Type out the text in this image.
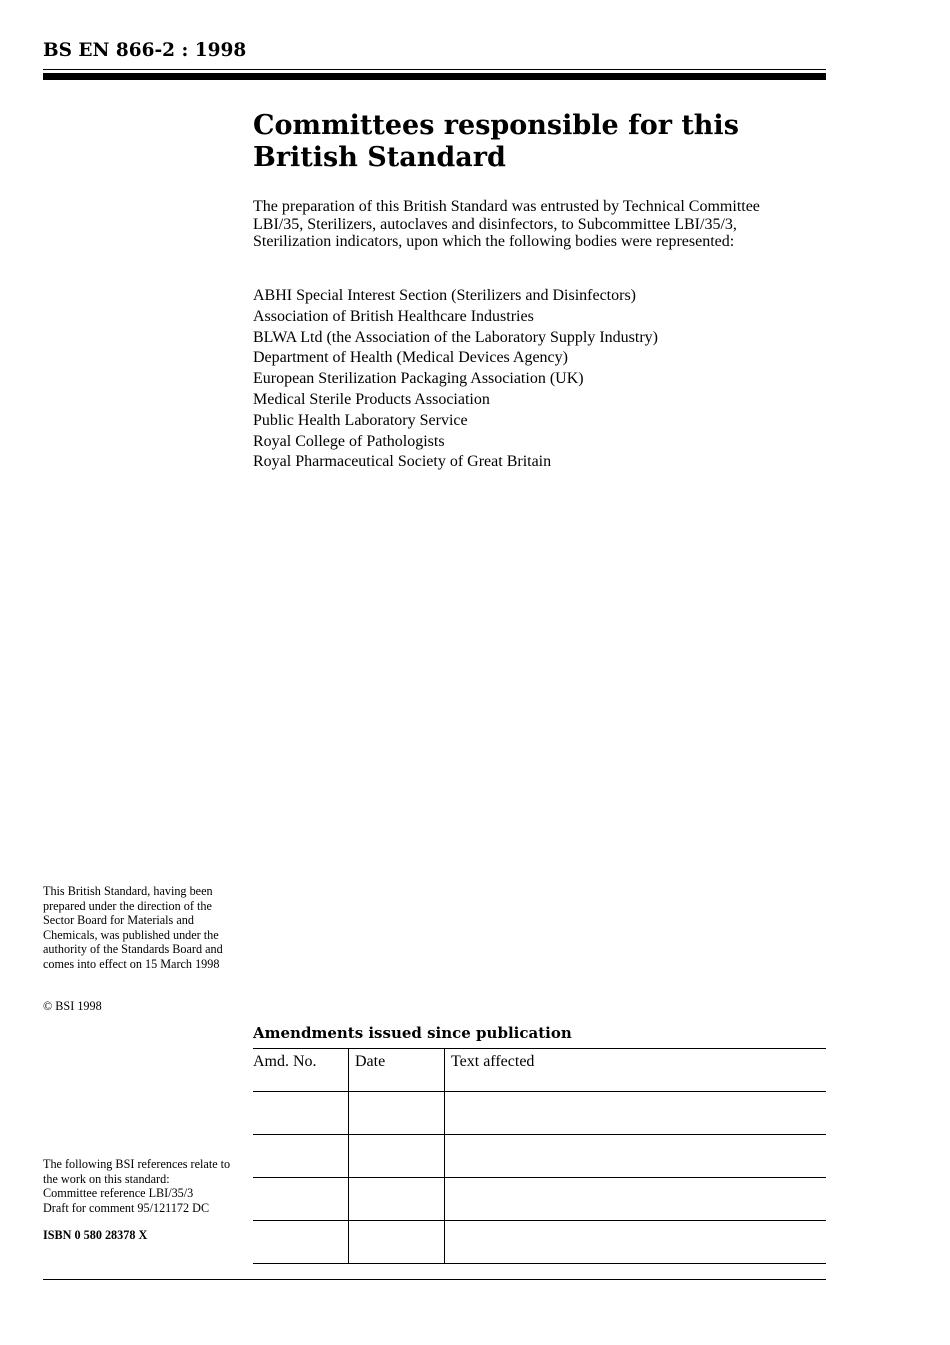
BS EN 866-2 : 1998
Committees responsible for this
British Standard
The preparation of this British Standard was entrusted by Technical Committee LBI/35, Sterilizers, autoclaves and disinfectors, to Subcommittee LBI/35/3, Sterilization indicators, upon which the following bodies were represented:
ABHI Special Interest Section (Sterilizers and Disinfectors)
Association of British Healthcare Industries
BLWA Ltd (the Association of the Laboratory Supply Industry)
Department of Health (Medical Devices Agency)
European Sterilization Packaging Association (UK)
Medical Sterile Products Association
Public Health Laboratory Service
Royal College of Pathologists
Royal Pharmaceutical Society of Great Britain
This British Standard, having been prepared under the direction of the Sector Board for Materials and Chemicals, was published under the authority of the Standards Board and comes into effect on 15 March 1998
© BSI 1998
The following BSI references relate to the work on this standard:
Committee reference LBI/35/3
Draft for comment 95/121172 DC
ISBN 0 580 28378 X
Amendments issued since publication
Amd. No.	Date	Text affected
